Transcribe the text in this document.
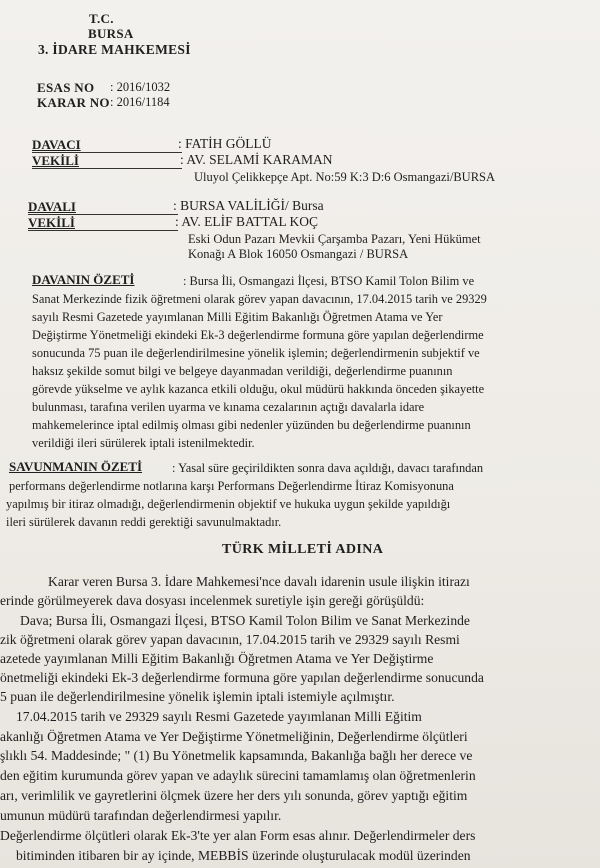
T.C.
BURSA
3. İDARE MAHKEMESİ
ESAS NO : 2016/1032
KARAR NO : 2016/1184
DAVACI	: FATİH GÖLLÜ
VEKİLİ	: AV. SELAMİ KARAMAN
Uluyol Çelikkepçe Apt. No:59 K:3 D:6 Osmangazi/BURSA
DAVALI	: BURSA VALİLİĞİ/ Bursa
VEKİLİ	: AV. ELİF BATTAL KOÇ
Eski Odun Pazarı Mevkii Çarşamba Pazarı, Yeni Hükümet
Konağı A Blok 16050 Osmangazi / BURSA
DAVANIN ÖZETİ	: Bursa İli, Osmangazi İlçesi, BTSO Kamil Tolon Bilim ve
Sanat Merkezinde fizik öğretmeni olarak görev yapan davacının, 17.04.2015 tarih ve 29329
sayılı Resmi Gazetede yayımlanan Milli Eğitim Bakanlığı Öğretmen Atama ve Yer
Değiştirme Yönetmeliği ekindeki Ek-3 değerlendirme formuna göre yapılan değerlendirme
sonucunda 75 puan ile değerlendirilmesine yönelik işlemin; değerlendirmenin subjektif ve
haksız şekilde somut bilgi ve belgeye dayanmadan verildiği, değerlendirme puanının
görevde yükselme ve aylık kazanca etkili olduğu, okul müdürü hakkında önceden şikayette
bulunması, tarafına verilen uyarma ve kınama cezalarının açtığı davalarla idare
mahkemelerince iptal edilmiş olması gibi nedenler yüzünden bu değerlendirme puanının
verildiği ileri sürülerek iptali istenilmektedir.
SAVUNMANIN ÖZETİ : Yasal süre geçirildikten sonra dava açıldığı, davacı tarafından
performans değerlendirme notlarına karşı Performans Değerlendirme İtiraz Komisyonuna
yapılmış bir itiraz olmadığı, değerlendirmenin objektif ve hukuka uygun şekilde yapıldığı
ileri sürülerek davanın reddi gerektiği savunulmaktadır.
TÜRK MİLLETİ ADINA
Karar veren Bursa 3. İdare Mahkemesi'nce davalı idarenin usule ilişkin itirazı
erinde görülmeyerek dava dosyası incelenmek suretiyle işin gereği görüşüldü:
Dava; Bursa İli, Osmangazi İlçesi, BTSO Kamil Tolon Bilim ve Sanat Merkezinde
zik öğretmeni olarak görev yapan davacının, 17.04.2015 tarih ve 29329 sayılı Resmi
azetede yayımlanan Milli Eğitim Bakanlığı Öğretmen Atama ve Yer Değiştirme
önetmeliği ekindeki Ek-3 değerlendirme formuna göre yapılan değerlendirme sonucunda
5 puan ile değerlendirilmesine yönelik işlemin iptali istemiyle açılmıştır.
17.04.2015 tarih ve 29329 sayılı Resmi Gazetede yayımlanan Milli Eğitim
akanlığı Öğretmen Atama ve Yer Değiştirme Yönetmeliğinin, Değerlendirme ölçütleri
şlıklı 54. Maddesinde; " (1) Bu Yönetmelik kapsamında, Bakanlığa bağlı her derece ve
den eğitim kurumunda görev yapan ve adaylık sürecini tamamlamış olan öğretmenlerin
arı, verimlilik ve gayretlerini ölçmek üzere her ders yılı sonunda, görev yaptığı eğitim
umunun müdürü tarafından değerlendirmesi yapılır.
Değerlendirme ölçütleri olarak Ek-3'te yer alan Form esas alınır. Değerlendirmeler ders
bitiminden itibaren bir ay içinde, MEBBİS üzerinde oluşturulacak modül üzerinden
